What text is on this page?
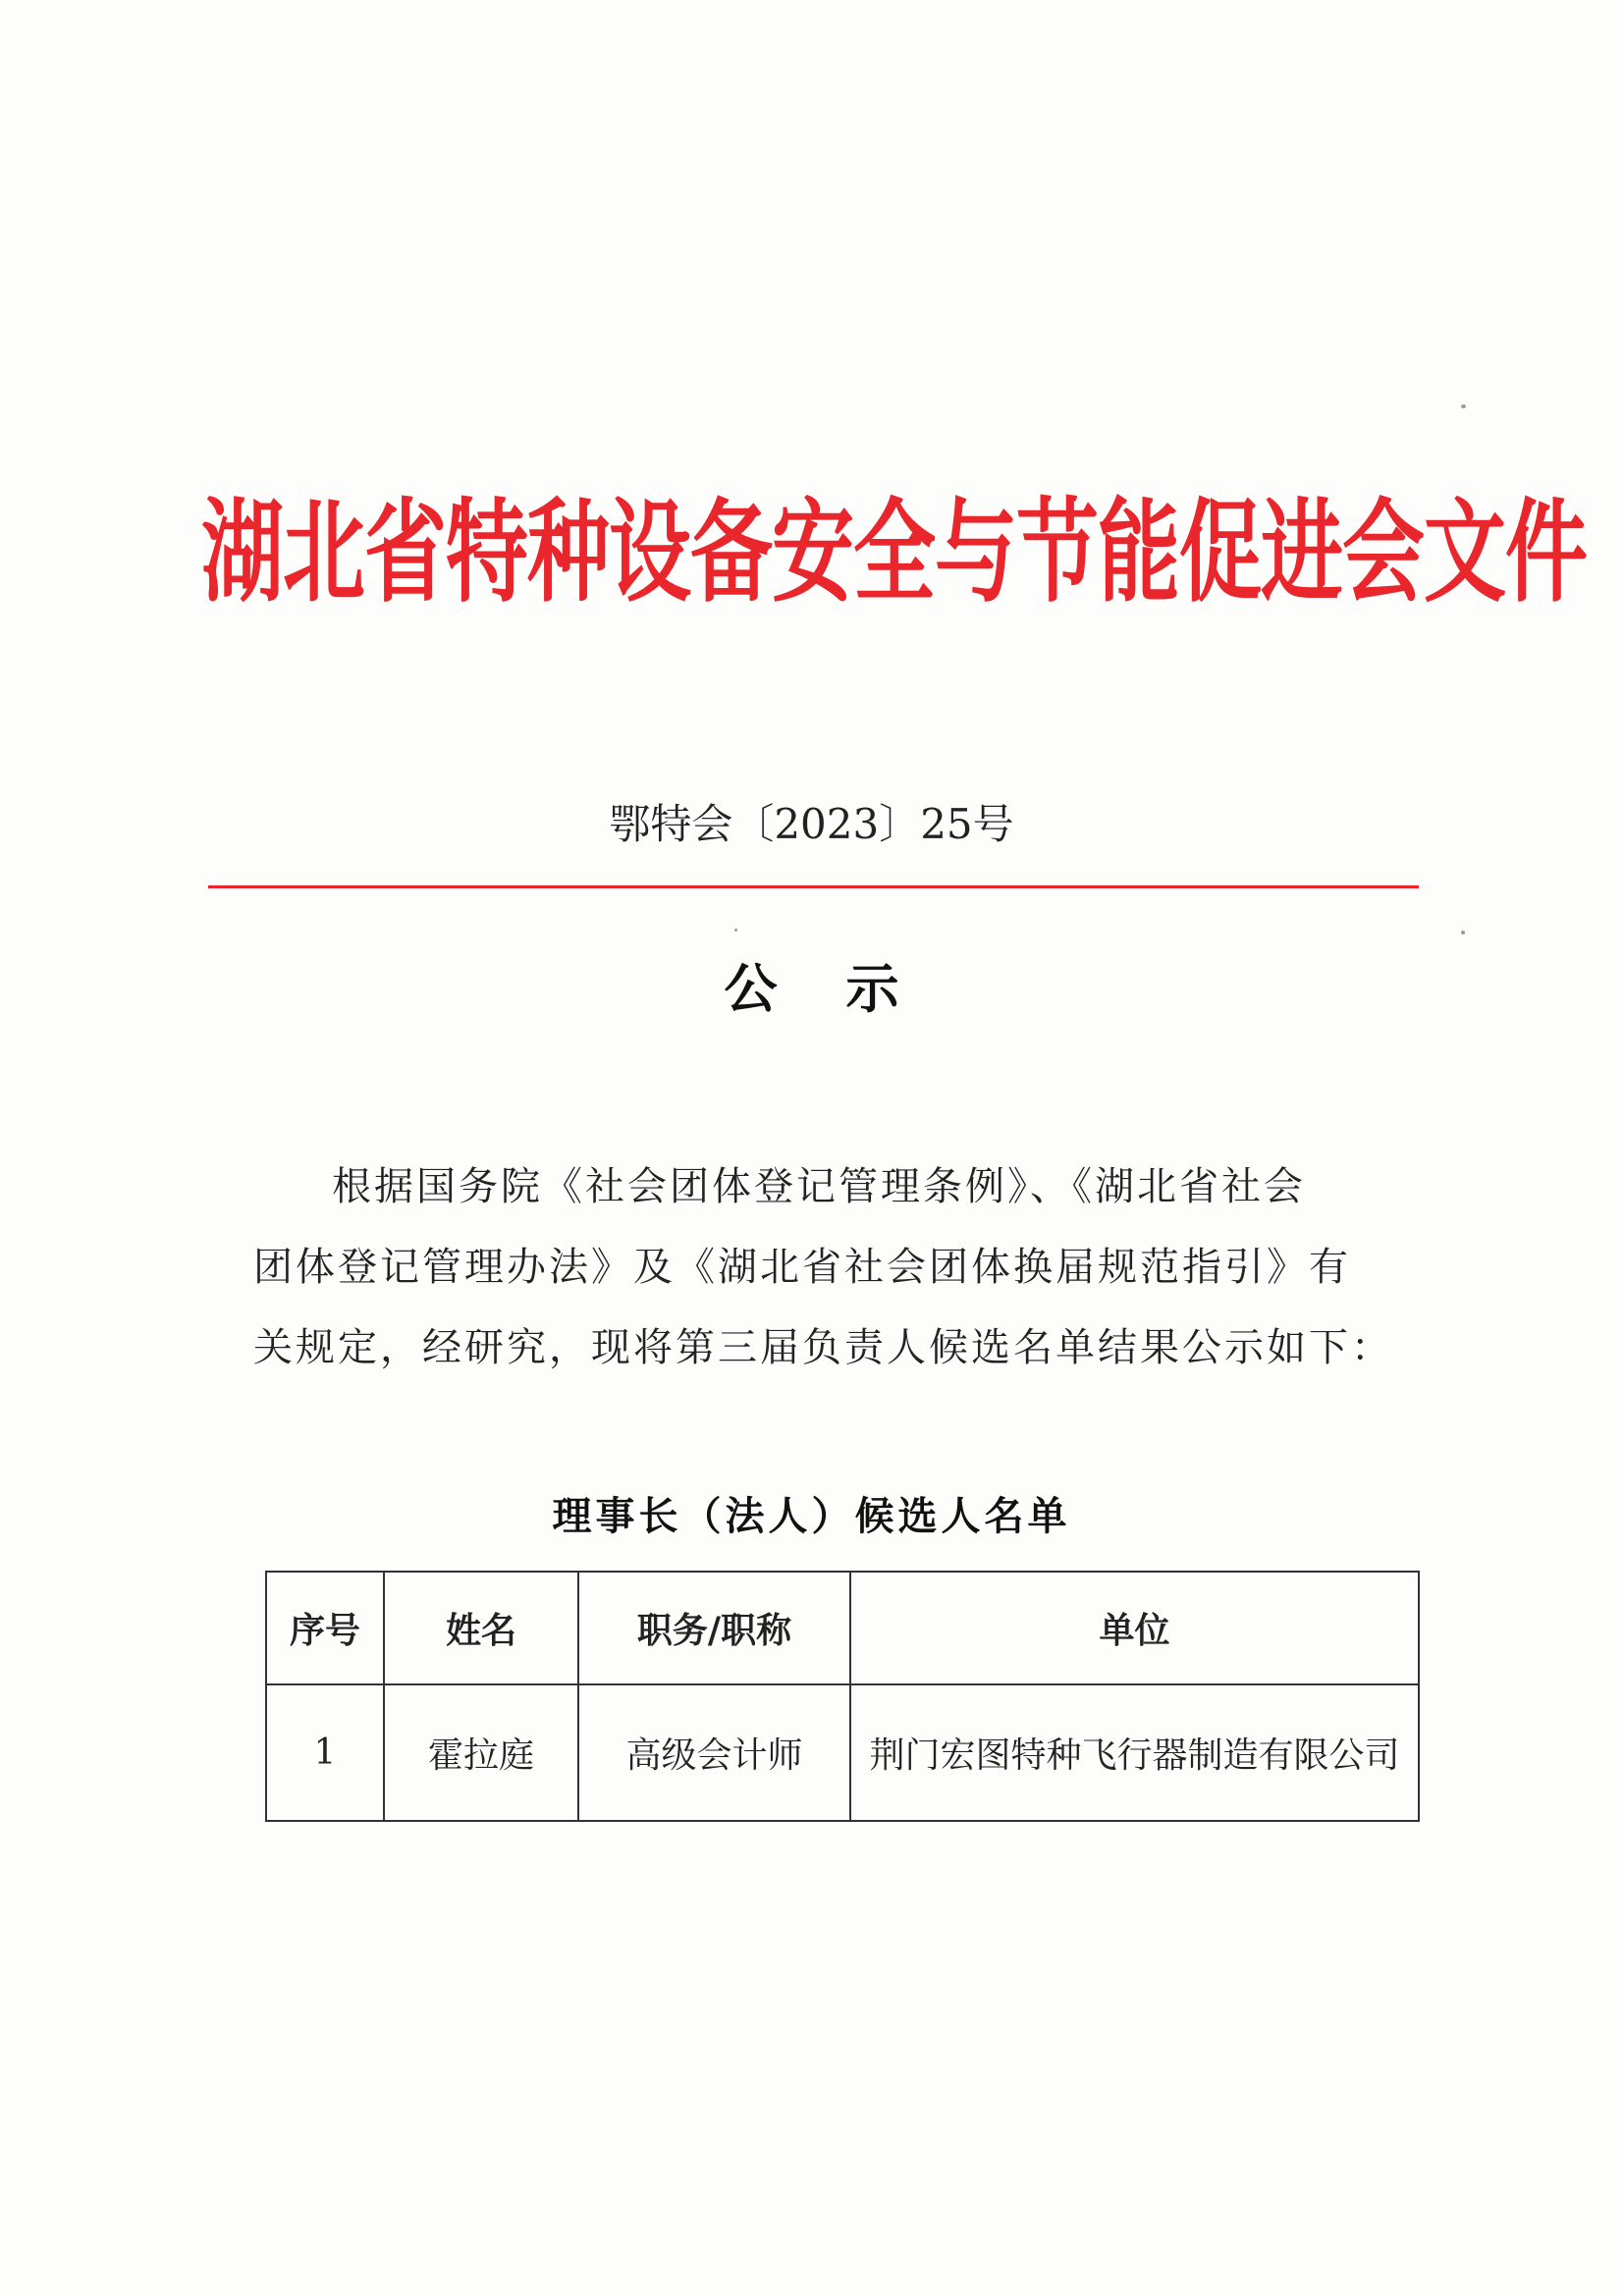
湖北省特种设备安全与节能促进会文件
鄂特会〔2023〕25号
公示
根据国务院《社会团体登记管理条例》、《湖北省社会
团体登记管理办法》及《湖北省社会团体换届规范指引》有
关规定，经研究，现将第三届负责人候选名单结果公示如下：
理事长（法人）候选人名单
序号	姓名	职务/职称	单位
1	霍拉庭	高级会计师	荆门宏图特种飞行器制造有限公司
